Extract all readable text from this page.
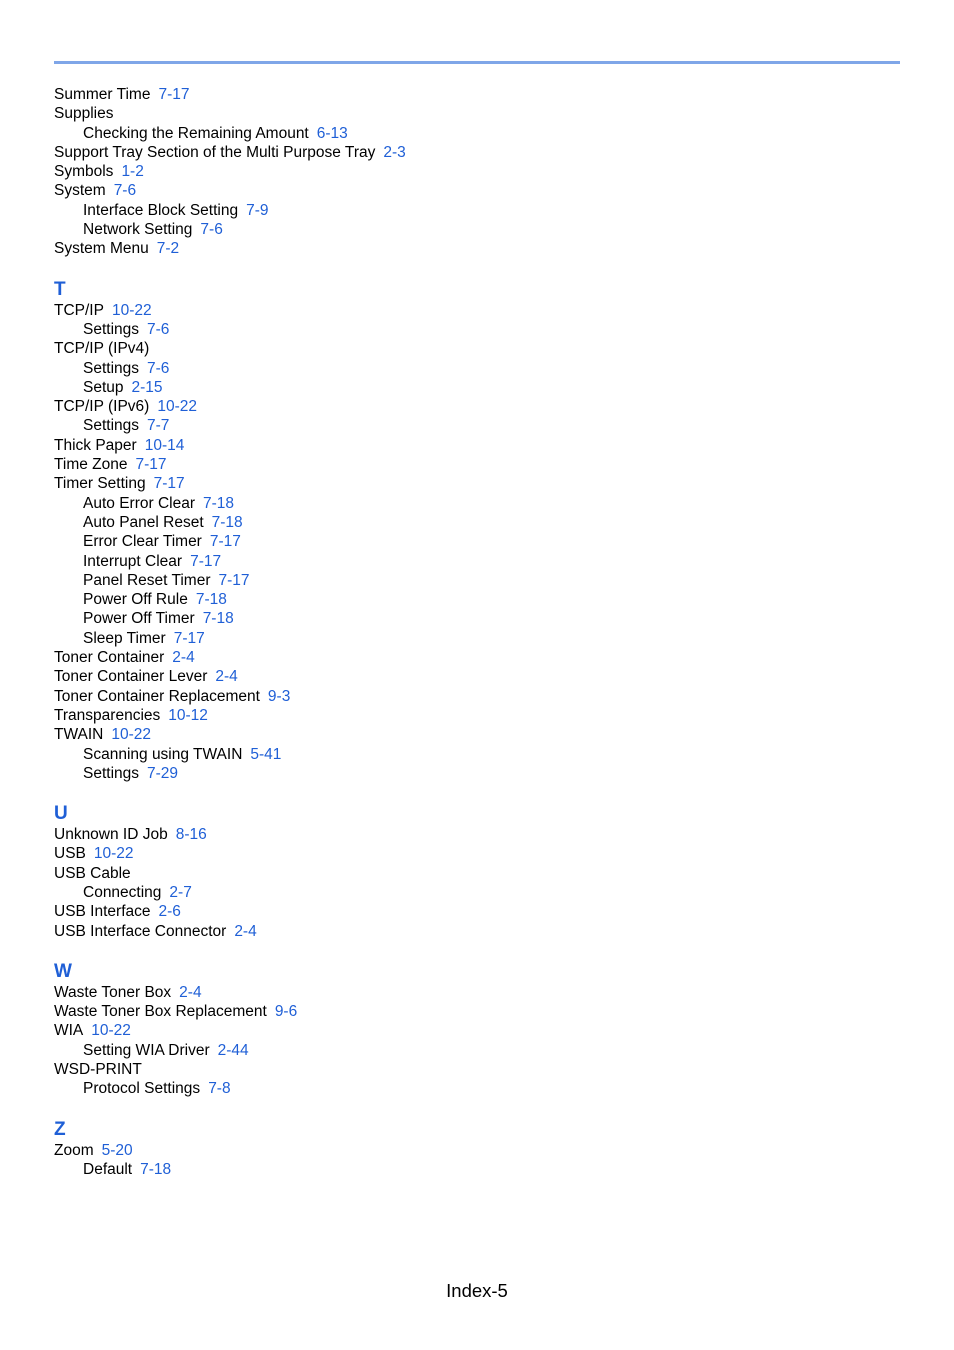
Summer Time 7-17
Supplies
Checking the Remaining Amount 6-13
Support Tray Section of the Multi Purpose Tray 2-3
Symbols 1-2
System 7-6
Interface Block Setting 7-9
Network Setting 7-6
System Menu 7-2
T
TCP/IP 10-22
Settings 7-6
TCP/IP (IPv4)
Settings 7-6
Setup 2-15
TCP/IP (IPv6) 10-22
Settings 7-7
Thick Paper 10-14
Time Zone 7-17
Timer Setting 7-17
Auto Error Clear 7-18
Auto Panel Reset 7-18
Error Clear Timer 7-17
Interrupt Clear 7-17
Panel Reset Timer 7-17
Power Off Rule 7-18
Power Off Timer 7-18
Sleep Timer 7-17
Toner Container 2-4
Toner Container Lever 2-4
Toner Container Replacement 9-3
Transparencies 10-12
TWAIN 10-22
Scanning using TWAIN 5-41
Settings 7-29
U
Unknown ID Job 8-16
USB 10-22
USB Cable
Connecting 2-7
USB Interface 2-6
USB Interface Connector 2-4
W
Waste Toner Box 2-4
Waste Toner Box Replacement 9-6
WIA 10-22
Setting WIA Driver 2-44
WSD-PRINT
Protocol Settings 7-8
Z
Zoom 5-20
Default 7-18
Index-5
